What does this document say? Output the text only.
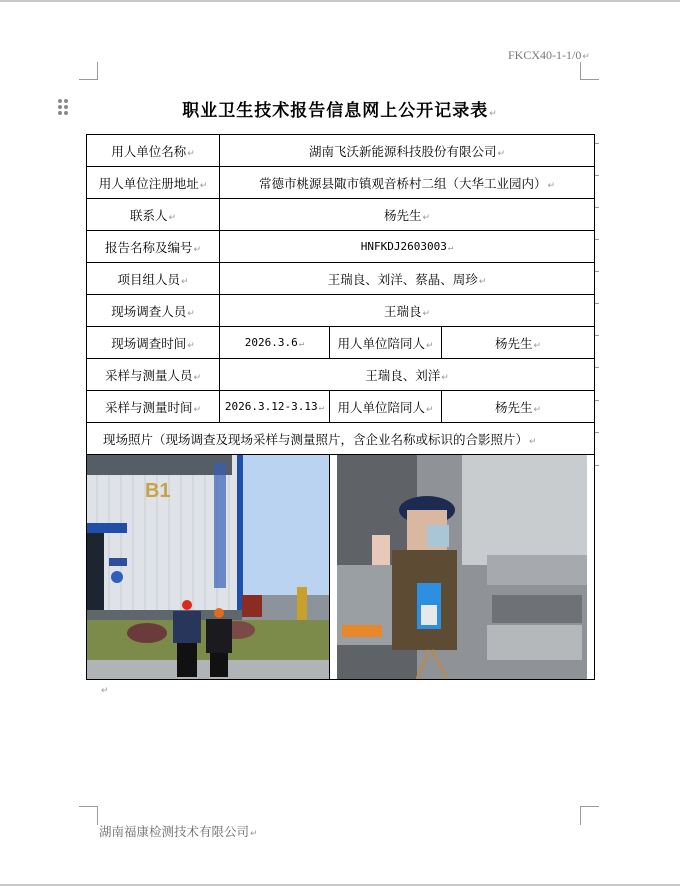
FKCX40-1-1/0↵
职业卫生技术报告信息网上公开记录表↵
用人单位名称↵	湖南飞沃新能源科技股份有限公司↵		
用人单位注册地址↵	常德市桃源县陬市镇观音桥村二组（大华工业园内）↵		
联系人↵	杨先生↵		
报告名称及编号↵	HNFKDJ2603003↵		
项目组人员↵	王瑞良、刘洋、蔡晶、周珍↵		
现场调查人员↵	王瑞良↵		
现场调查时间↵	2026.3.6↵	用人单位陪同人↵	杨先生↵
采样与测量人员↵	王瑞良、刘洋↵		
采样与测量时间↵	2026.3.12-3.13↵	用人单位陪同人↵	杨先生↵
现场照片（现场调查及现场采样与测量照片，含企业名称或标识的合影照片）↵			

B1

↵
湖南福康检测技术有限公司↵
